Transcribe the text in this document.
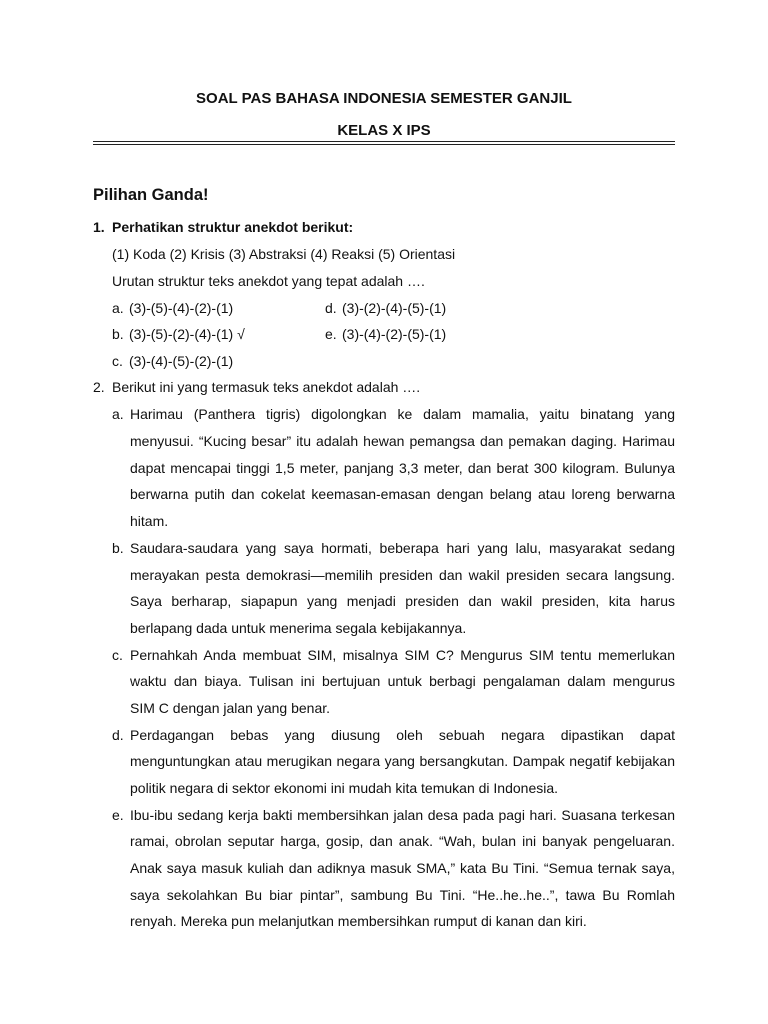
SOAL PAS BAHASA INDONESIA SEMESTER GANJIL
KELAS X IPS
Pilihan Ganda!
1. Perhatikan struktur anekdot berikut:
(1) Koda (2) Krisis (3) Abstraksi (4) Reaksi (5) Orientasi
Urutan struktur teks anekdot yang tepat adalah ….
a. (3)-(5)-(4)-(2)-(1)	d. (3)-(2)-(4)-(5)-(1)
b. (3)-(5)-(2)-(4)-(1) √	e. (3)-(4)-(2)-(5)-(1)
c. (3)-(4)-(5)-(2)-(1)
2. Berikut ini yang termasuk teks anekdot adalah ….
a. Harimau (Panthera tigris) digolongkan ke dalam mamalia, yaitu binatang yang
menyusui. “Kucing besar” itu adalah hewan pemangsa dan pemakan daging. Harimau
dapat mencapai tinggi 1,5 meter, panjang 3,3 meter, dan berat 300 kilogram. Bulunya
berwarna putih dan cokelat keemasan-emasan dengan belang atau loreng berwarna
hitam.
b. Saudara-saudara yang saya hormati, beberapa hari yang lalu, masyarakat sedang
merayakan pesta demokrasi—memilih presiden dan wakil presiden secara langsung.
Saya berharap, siapapun yang menjadi presiden dan wakil presiden, kita harus
berlapang dada untuk menerima segala kebijakannya.
c. Pernahkah Anda membuat SIM, misalnya SIM C? Mengurus SIM tentu memerlukan
waktu dan biaya. Tulisan ini bertujuan untuk berbagi pengalaman dalam mengurus
SIM C dengan jalan yang benar.
d. Perdagangan bebas yang diusung oleh sebuah negara dipastikan dapat
menguntungkan atau merugikan negara yang bersangkutan. Dampak negatif kebijakan
politik negara di sektor ekonomi ini mudah kita temukan di Indonesia.
e. Ibu-ibu sedang kerja bakti membersihkan jalan desa pada pagi hari. Suasana terkesan
ramai, obrolan seputar harga, gosip, dan anak. “Wah, bulan ini banyak pengeluaran.
Anak saya masuk kuliah dan adiknya masuk SMA,” kata Bu Tini. “Semua ternak saya,
saya sekolahkan Bu biar pintar”, sambung Bu Tini. “He..he..he..”, tawa Bu Romlah
renyah. Mereka pun melanjutkan membersihkan rumput di kanan dan kiri.
